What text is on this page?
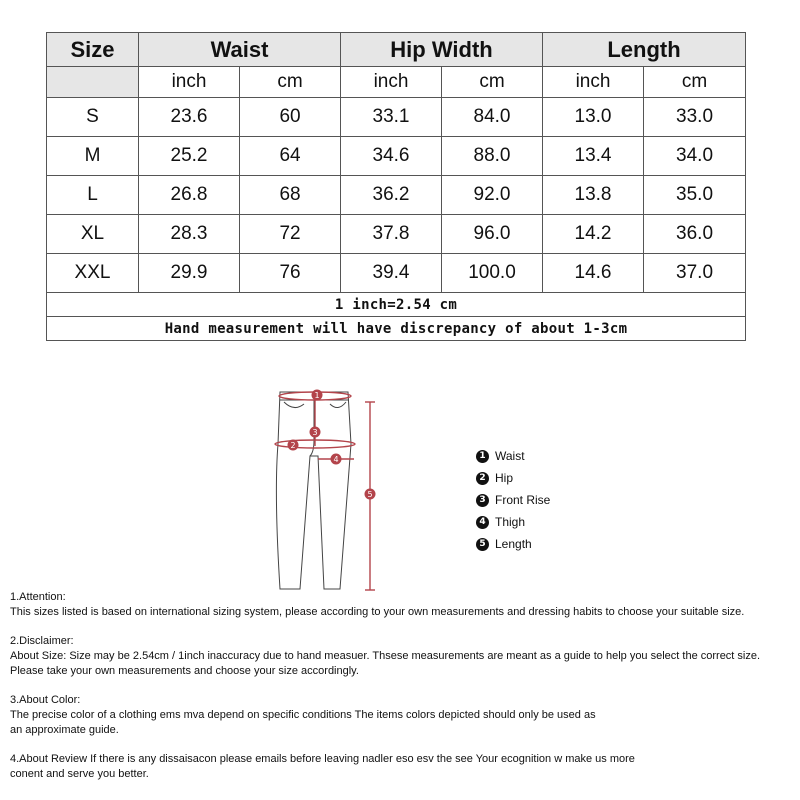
Size	Waist		Hip Width		Length	
	inch	cm	inch	cm	inch	cm
S	23.6	60	33.1	84.0	13.0	33.0
M	25.2	64	34.6	88.0	13.4	34.0
L	26.8	68	36.2	92.0	13.8	35.0
XL	28.3	72	37.8	96.0	14.2	36.0
XXL	29.9	76	39.4	100.0	14.6	37.0
1 inch=2.54 cm						
Hand measurement will have discrepancy of about 1-3cm						
1
2
3
4
5
1 Waist
2 Hip
3 Front Rise
4 Thigh
5 Length

1.Attention:

This sizes listed is based on international sizing system, please according to your own measurements and dressing habits to choose your suitable size.

2.Disclaimer:

About Size: Size may be 2.54cm / 1inch inaccuracy due to hand measuer. Thsese measurements are meant as a guide to help you select the correct size.

Please take your own measurements and choose your size accordingly.

3.About Color:

The precise color of a clothing ems mva depend on specific conditions The items colors depicted should only be used as

an approximate guide.

4.About Review If there is any dissaisacon please emails before leaving nadler eso esv the see Your ecognition w make us more

conent and serve you better.
